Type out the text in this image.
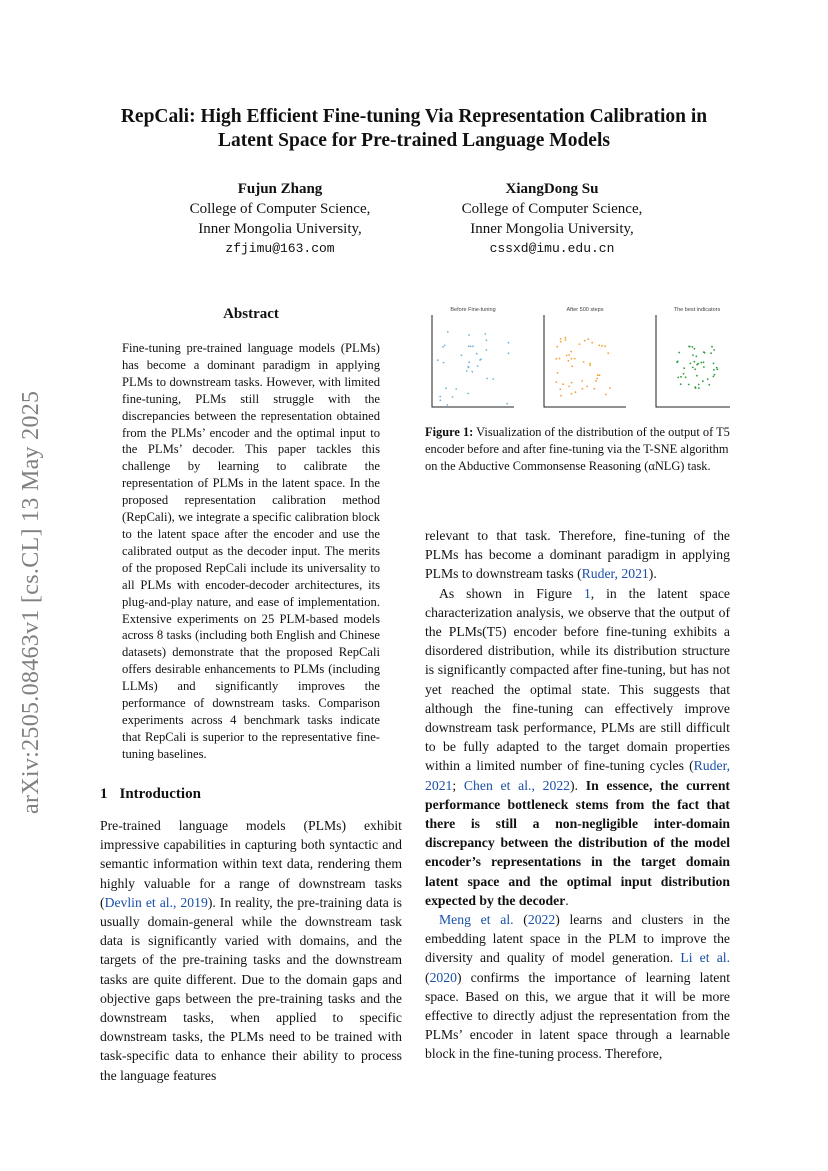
arXiv:2505.08463v1 [cs.CL] 13 May 2025
RepCali: High Efficient Fine-tuning Via Representation Calibration in Latent Space for Pre-trained Language Models
Fujun Zhang
College of Computer Science,
Inner Mongolia University,
zfjimu@163.com
XiangDong Su
College of Computer Science,
Inner Mongolia University,
cssxd@imu.edu.cn
Abstract
Fine-tuning pre-trained language models (PLMs) has become a dominant paradigm in applying PLMs to downstream tasks. However, with limited fine-tuning, PLMs still struggle with the discrepancies between the representation obtained from the PLMs’ encoder and the optimal input to the PLMs’ decoder. This paper tackles this challenge by learning to calibrate the representation of PLMs in the latent space. In the proposed representation calibration method (RepCali), we integrate a specific calibration block to the latent space after the encoder and use the calibrated output as the decoder input. The merits of the proposed RepCali include its universality to all PLMs with encoder-decoder architectures, its plug-and-play nature, and ease of implementation. Extensive experiments on 25 PLM-based models across 8 tasks (including both English and Chinese datasets) demonstrate that the proposed RepCali offers desirable enhancements to PLMs (including LLMs) and significantly improves the performance of downstream tasks. Comparison experiments across 4 benchmark tasks indicate that RepCali is superior to the representative fine-tuning baselines.
1 Introduction

Pre-trained language models (PLMs) exhibit impressive capabilities in capturing both syntactic and semantic information within text data, rendering them highly valuable for a range of downstream tasks (Devlin et al., 2019). In reality, the pre-training data is usually domain-general while the downstream task data is significantly varied with domains, and the targets of the pre-training tasks and the downstream tasks are quite different. Due to the domain gaps and objective gaps between the pre-training tasks and the downstream tasks, when applied to specific downstream tasks, the PLMs need to be trained with task-specific data to enhance their ability to process the language features

Before Fine-tuning	After 500 steps	The best indicators
Figure 1: Visualization of the distribution of the output of T5 encoder before and after fine-tuning via the T-SNE algorithm on the Abductive Commonsense Reasoning (αNLG) task.

relevant to that task. Therefore, fine-tuning of the PLMs has become a dominant paradigm in applying PLMs to downstream tasks (Ruder, 2021).

As shown in Figure 1, in the latent space characterization analysis, we observe that the output of the PLMs(T5) encoder before fine-tuning exhibits a disordered distribution, while its distribution structure is significantly compacted after fine-tuning, but has not yet reached the optimal state. This suggests that although the fine-tuning can effectively improve downstream task performance, PLMs are still difficult to be fully adapted to the target domain properties within a limited number of fine-tuning cycles (Ruder, 2021; Chen et al., 2022). In essence, the current performance bottleneck stems from the fact that there is still a non-negligible inter-domain discrepancy between the distribution of the model encoder’s representations in the target domain latent space and the optimal input distribution expected by the decoder.

Meng et al. (2022) learns and clusters in the embedding latent space in the PLM to improve the diversity and quality of model generation. Li et al. (2020) confirms the importance of learning latent space. Based on this, we argue that it will be more effective to directly adjust the representation from the PLMs’ encoder in latent space through a learnable block in the fine-tuning process. Therefore,
